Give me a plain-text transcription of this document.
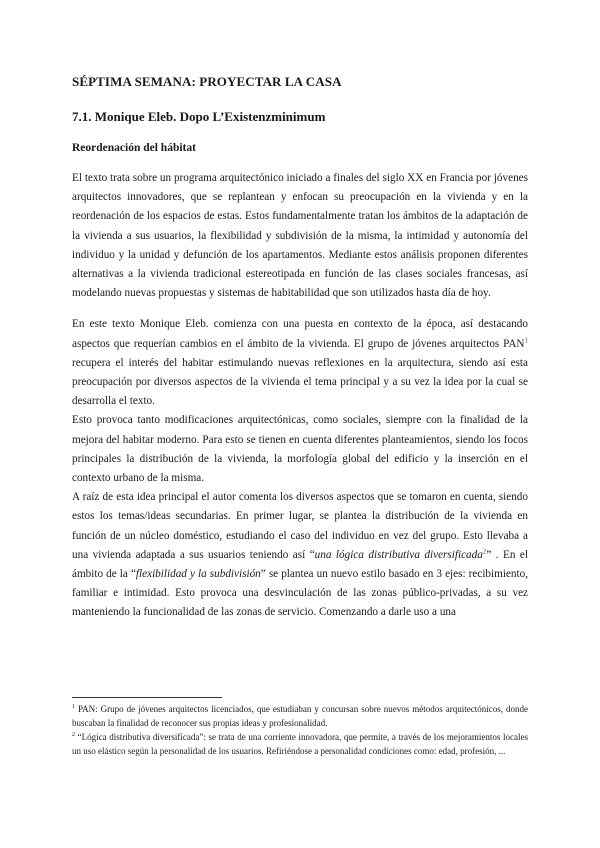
SÉPTIMA SEMANA: PROYECTAR LA CASA
7.1. Monique Eleb. Dopo L’Existenzminimum
Reordenación del hábitat

El texto trata sobre un programa arquitectónico iniciado a finales del siglo XX en Francia por jóvenes arquitectos innovadores, que se replantean y enfocan su preocupación en la vivienda y en la reordenación de los espacios de estas. Estos fundamentalmente tratan los ámbitos de la adaptación de la vivienda a sus usuarios, la flexibilidad y subdivisión de la misma, la intimidad y autonomía del individuo y la unidad y defunción de los apartamentos. Mediante estos análisis proponen diferentes alternativas a la vivienda tradicional estereotipada en función de las clases sociales francesas, así modelando nuevas propuestas y sistemas de habitabilidad que son utilizados hasta día de hoy.

En este texto Monique Eleb. comienza con una puesta en contexto de la época, así destacando aspectos que requerían cambios en el ámbito de la vivienda. El grupo de jóvenes arquitectos PAN$^1$ recupera el interés del habitar estimulando nuevas reflexiones en la arquitectura, siendo así esta preocupación por diversos aspectos de la vivienda el tema principal y a su vez la idea por la cual se desarrolla el texto.

Esto provoca tanto modificaciones arquitectónicas, como sociales, siempre con la finalidad de la mejora del habitar moderno. Para esto se tienen en cuenta diferentes planteamientos, siendo los focos principales la distribución de la vivienda, la morfología global del edificio y la inserción en el contexto urbano de la misma.

A raíz de esta idea principal el autor comenta los diversos aspectos que se tomaron en cuenta, siendo estos los temas/ideas secundarias. En primer lugar, se plantea la distribución de la vivienda en función de un núcleo doméstico, estudiando el caso del individuo en vez del grupo. Esto llevaba a una vivienda adaptada a sus usuarios teniendo así “una lógica distributiva diversificada$^2$” . En el ámbito de la “flexibilidad y la subdivisión” se plantea un nuevo estilo basado en 3 ejes: recibimiento, familiar e intimidad. Esto provoca una desvinculación de las zonas público-privadas, a su vez manteniendo la funcionalidad de las zonas de servicio. Comenzando a darle uso a una

$^1$ PAN: Grupo de jóvenes arquitectos licenciados, que estudiaban y concursan sobre nuevos métodos arquitectónicos, donde buscaban la finalidad de reconocer sus propias ideas y profesionalidad.

$^2$ “Lógica distributiva diversificada”: se trata de una corriente innovadora, que permite, a través de los mejoramientos locales un uso elástico según la personalidad de los usuarios. Refiriéndose a personalidad condiciones como: edad, profesión, ...
